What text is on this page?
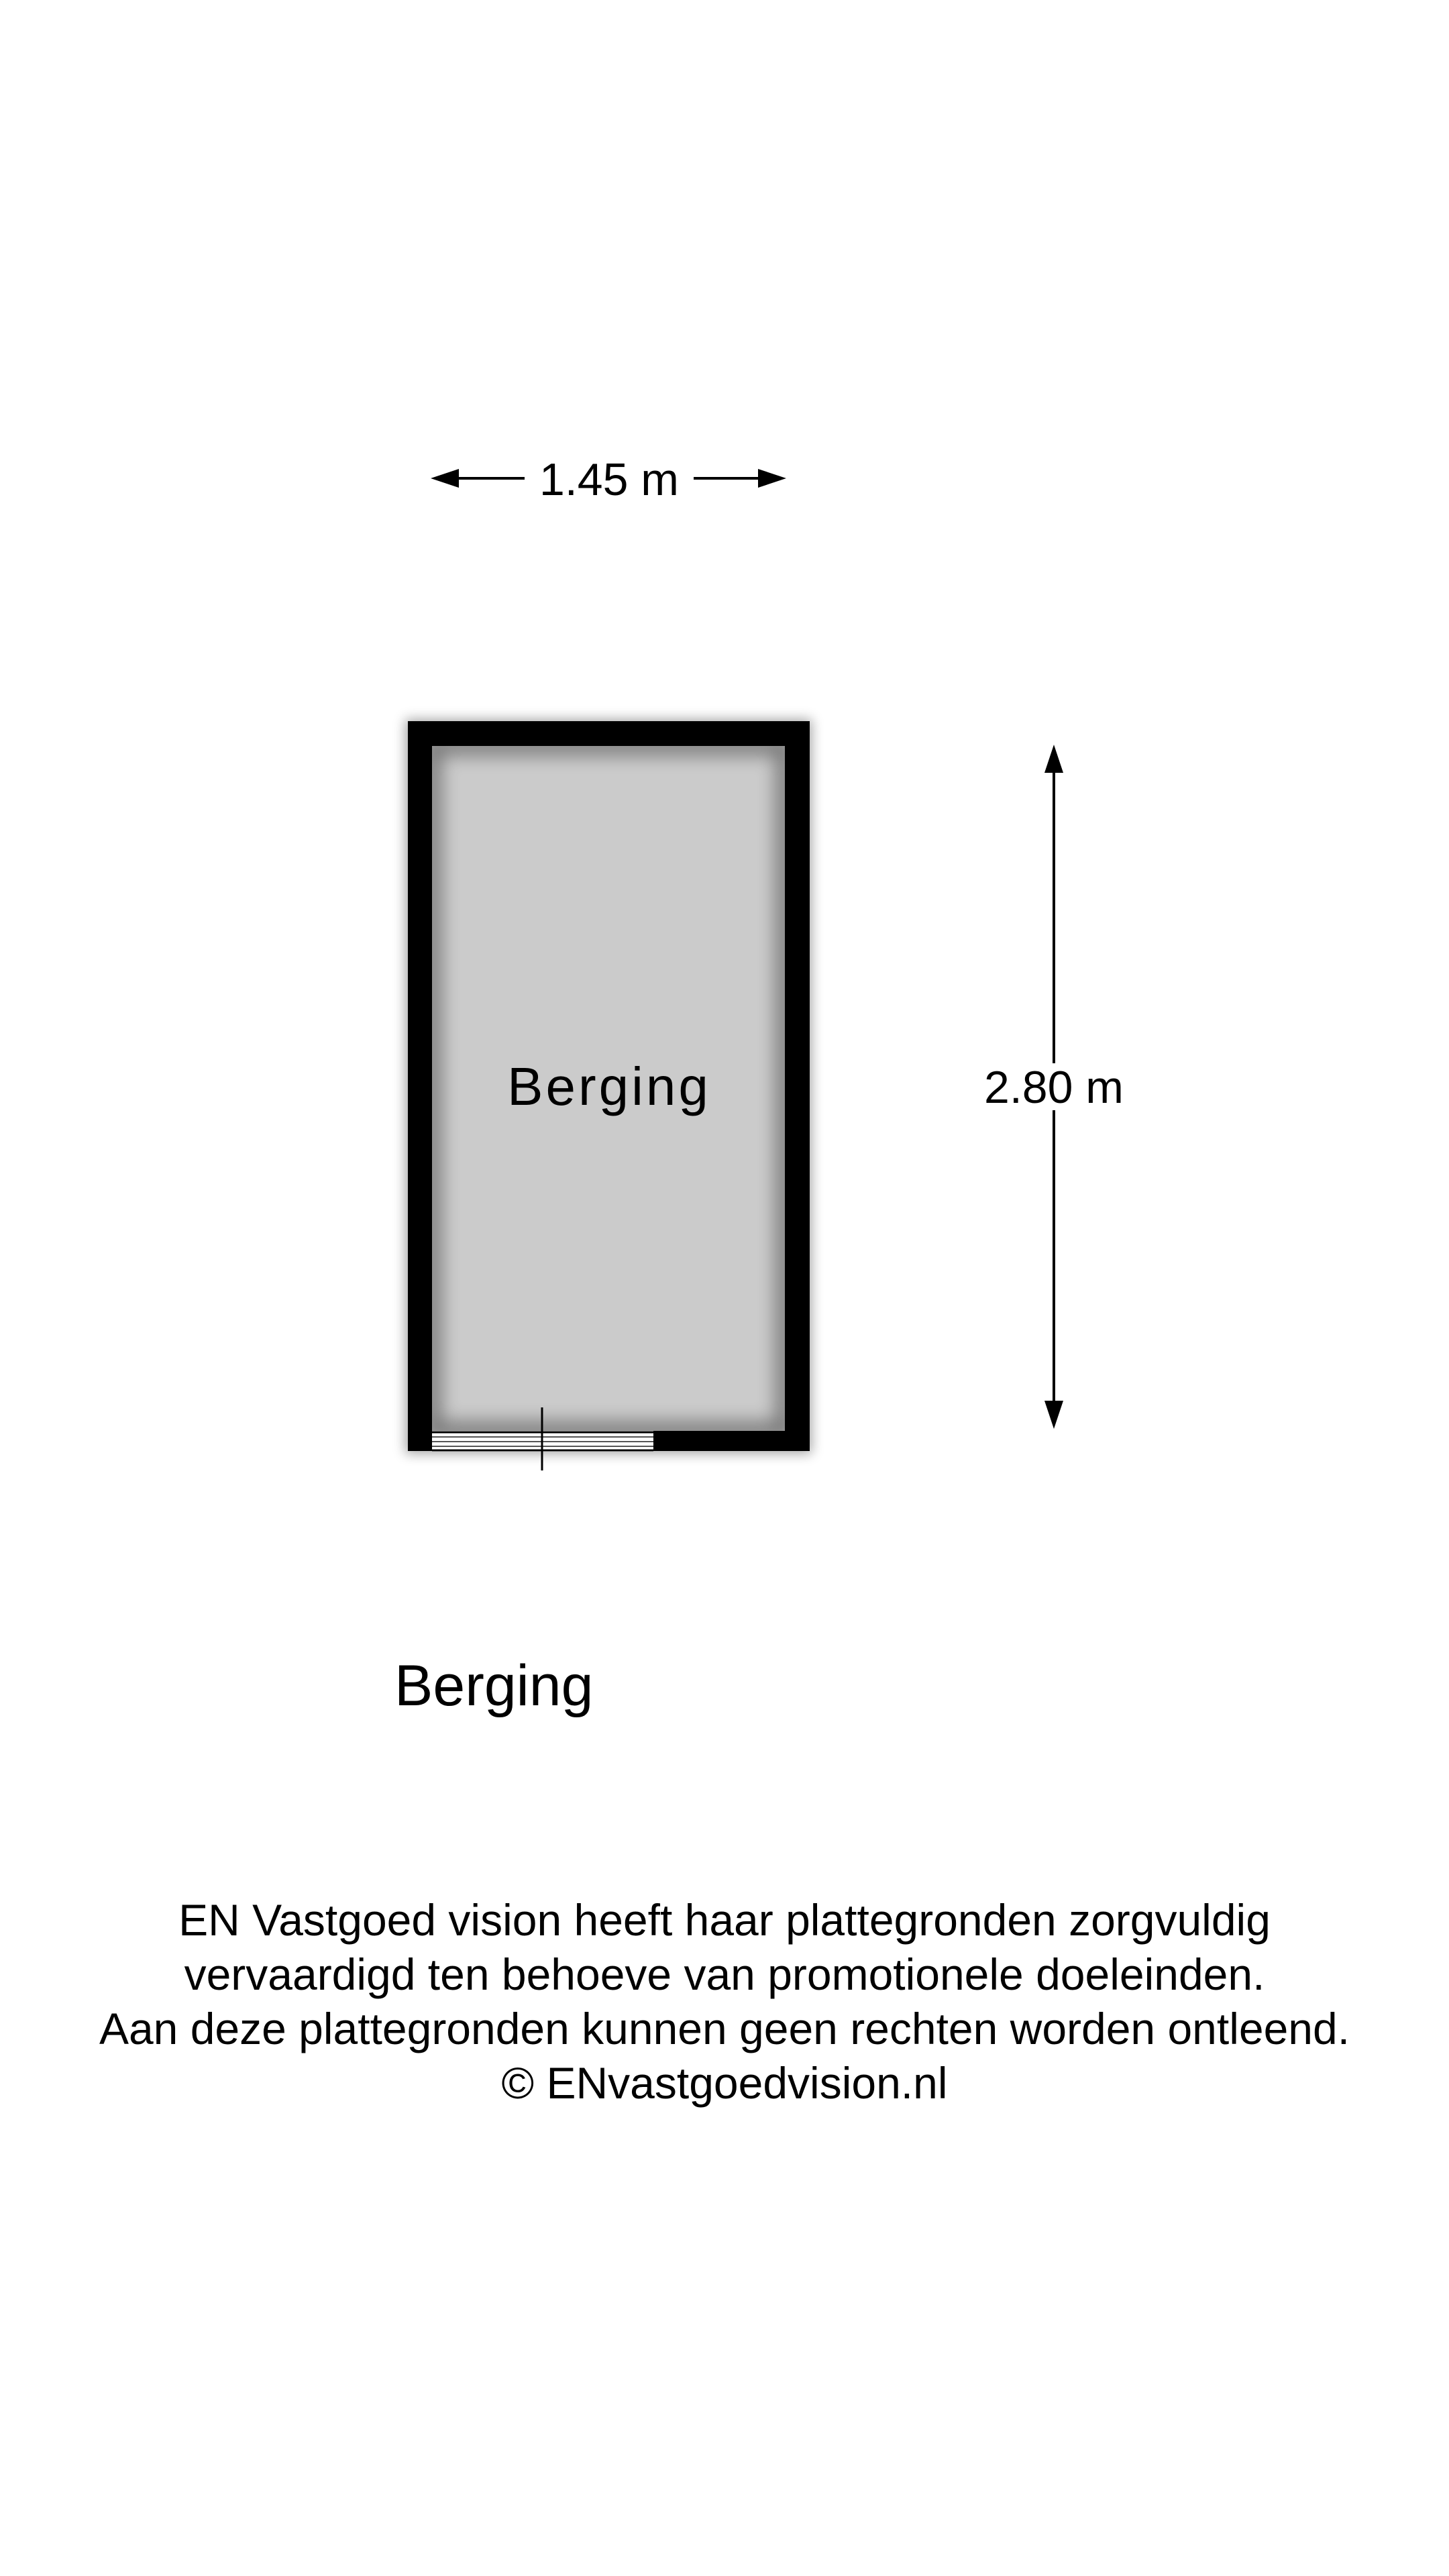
1.45 m
Berging	2.80 m
Berging
EN Vastgoed vision heeft haar plattegronden zorgvuldig
vervaardigd ten behoeve van promotionele doeleinden.
Aan deze plattegronden kunnen geen rechten worden ontleend.
© ENvastgoedvision.nl
